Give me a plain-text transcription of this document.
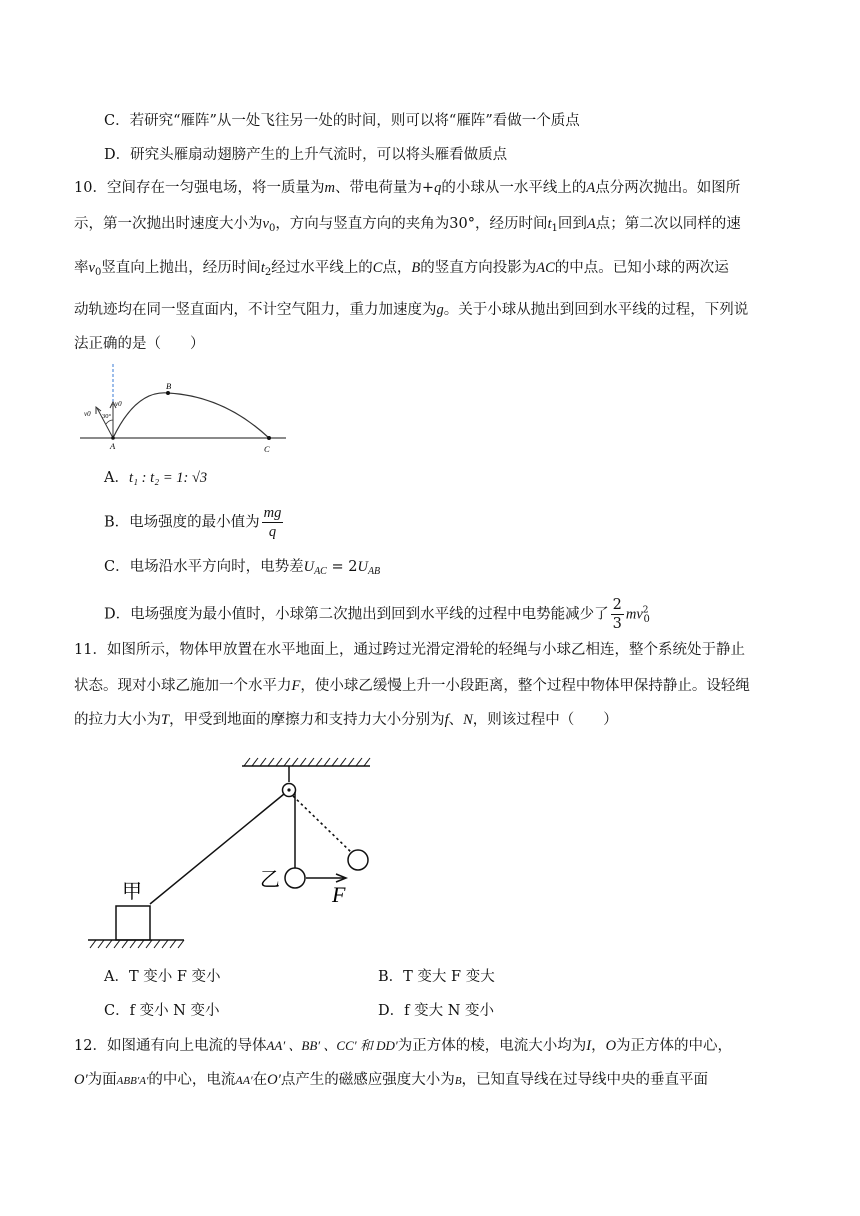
C．若研究“雁阵”从一处飞往另一处的时间，则可以将“雁阵”看做一个质点
D．研究头雁扇动翅膀产生的上升气流时，可以将头雁看做质点
10．空间存在一匀强电场，将一质量为m、带电荷量为+q的小球从一水平线上的A点分两次抛出。如图所
示，第一次抛出时速度大小为$v_0$，方向与竖直方向的夹角为30°，经历时间$t_1$回到A点；第二次以同样的速
率$v_0$竖直向上抛出，经历时间$t_2$经过水平线上的C点，B的竖直方向投影为AC的中点。已知小球的两次运
动轨迹均在同一竖直面内，不计空气阻力，重力加速度为g。关于小球从抛出到回到水平线的过程，下列说
法正确的是（　　）
v0
v0 30°
A
B
C
A．t₁ : t₂ = 1: √3
B．电场强度的最小值为 $\frac{mg}{q}$
C．电场沿水平方向时，电势差$U_{AC} = 2U_{AB}$
D．电场强度为最小值时，小球第二次抛出到回到水平线的过程中电势能减少了 $\frac{2}{3} mv^2_0$
11．如图所示，物体甲放置在水平地面上，通过跨过光滑定滑轮的轻绳与小球乙相连，整个系统处于静止
状态。现对小球乙施加一个水平力F，使小球乙缓慢上升一小段距离，整个过程中物体甲保持静止。设轻绳
的拉力大小为T，甲受到地面的摩擦力和支持力大小分别为f、N，则该过程中（　　）
甲	乙
F
A．T 变小 F 变小	B．T 变大 F 变大
C．f 变小 N 变小	D．f 变大 N 变小
12．如图通有向上电流的导体AA′ 、BB′ 、CC′ 和 DD′为正方体的棱，电流大小均为I，O为正方体的中心，
O′为面ABB′A′的中心，电流AA′在O′点产生的磁感应强度大小为B，已知直导线在过导线中央的垂直平面
